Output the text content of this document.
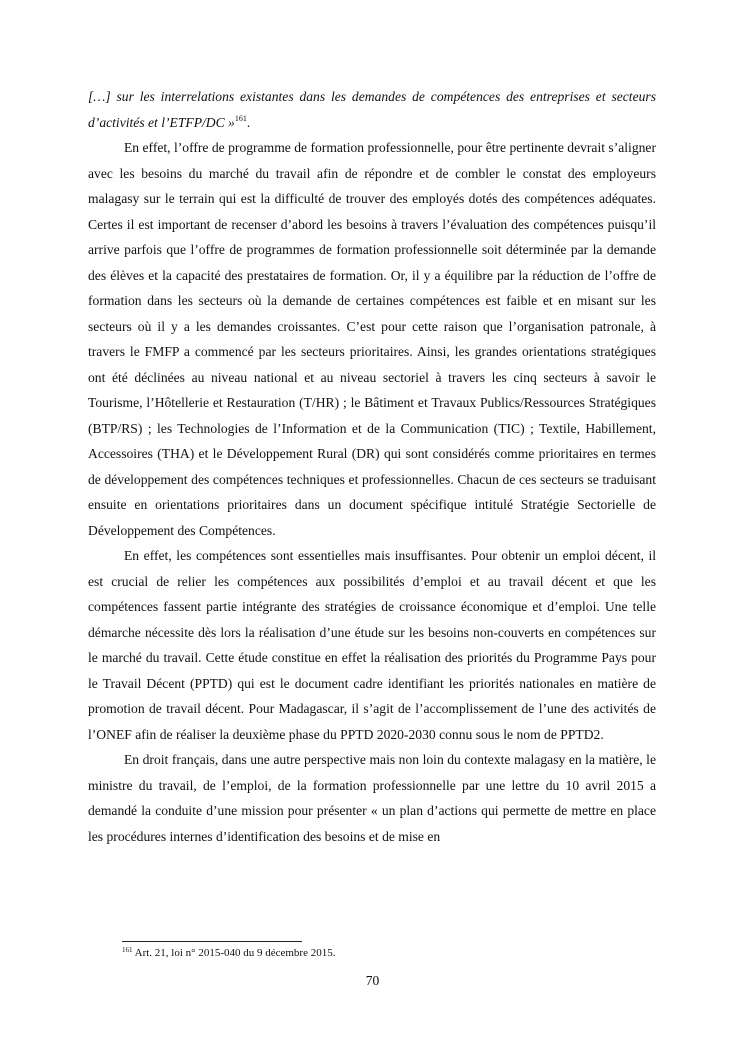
[…] sur les interrelations existantes dans les demandes de compétences des entreprises et secteurs d’activités et l’ETFP/DC »$^{161}$.

En effet, l’offre de programme de formation professionnelle, pour être pertinente devrait s’aligner avec les besoins du marché du travail afin de répondre et de combler le constat des employeurs malagasy sur le terrain qui est la difficulté de trouver des employés dotés des compétences adéquates. Certes il est important de recenser d’abord les besoins à travers l’évaluation des compétences puisqu’il arrive parfois que l’offre de programmes de formation professionnelle soit déterminée par la demande des élèves et la capacité des prestataires de formation. Or, il y a équilibre par la réduction de l’offre de formation dans les secteurs où la demande de certaines compétences est faible et en misant sur les secteurs où il y a les demandes croissantes. C’est pour cette raison que l’organisation patronale, à travers le FMFP a commencé par les secteurs prioritaires. Ainsi, les grandes orientations stratégiques ont été déclinées au niveau national et au niveau sectoriel à travers les cinq secteurs à savoir le Tourisme, l’Hôtellerie et Restauration (T/HR) ; le Bâtiment et Travaux Publics/Ressources Stratégiques (BTP/RS) ; les Technologies de l’Information et de la Communication (TIC) ; Textile, Habillement, Accessoires (THA) et le Développement Rural (DR) qui sont considérés comme prioritaires en termes de développement des compétences techniques et professionnelles. Chacun de ces secteurs se traduisant ensuite en orientations prioritaires dans un document spécifique intitulé Stratégie Sectorielle de Développement des Compétences.

En effet, les compétences sont essentielles mais insuffisantes. Pour obtenir un emploi décent, il est crucial de relier les compétences aux possibilités d’emploi et au travail décent et que les compétences fassent partie intégrante des stratégies de croissance économique et d’emploi. Une telle démarche nécessite dès lors la réalisation d’une étude sur les besoins non-couverts en compétences sur le marché du travail. Cette étude constitue en effet la réalisation des priorités du Programme Pays pour le Travail Décent (PPTD) qui est le document cadre identifiant les priorités nationales en matière de promotion de travail décent. Pour Madagascar, il s’agit de l’accomplissement de l’une des activités de l’ONEF afin de réaliser la deuxième phase du PPTD 2020-2030 connu sous le nom de PPTD2.

En droit français, dans une autre perspective mais non loin du contexte malagasy en la matière, le ministre du travail, de l’emploi, de la formation professionnelle par une lettre du 10 avril 2015 a demandé la conduite d’une mission pour présenter « un plan d’actions qui permette de mettre en place les procédures internes d’identification des besoins et de mise en

$^{161}$ Art. 21, loi n° 2015-040 du 9 décembre 2015.
70
